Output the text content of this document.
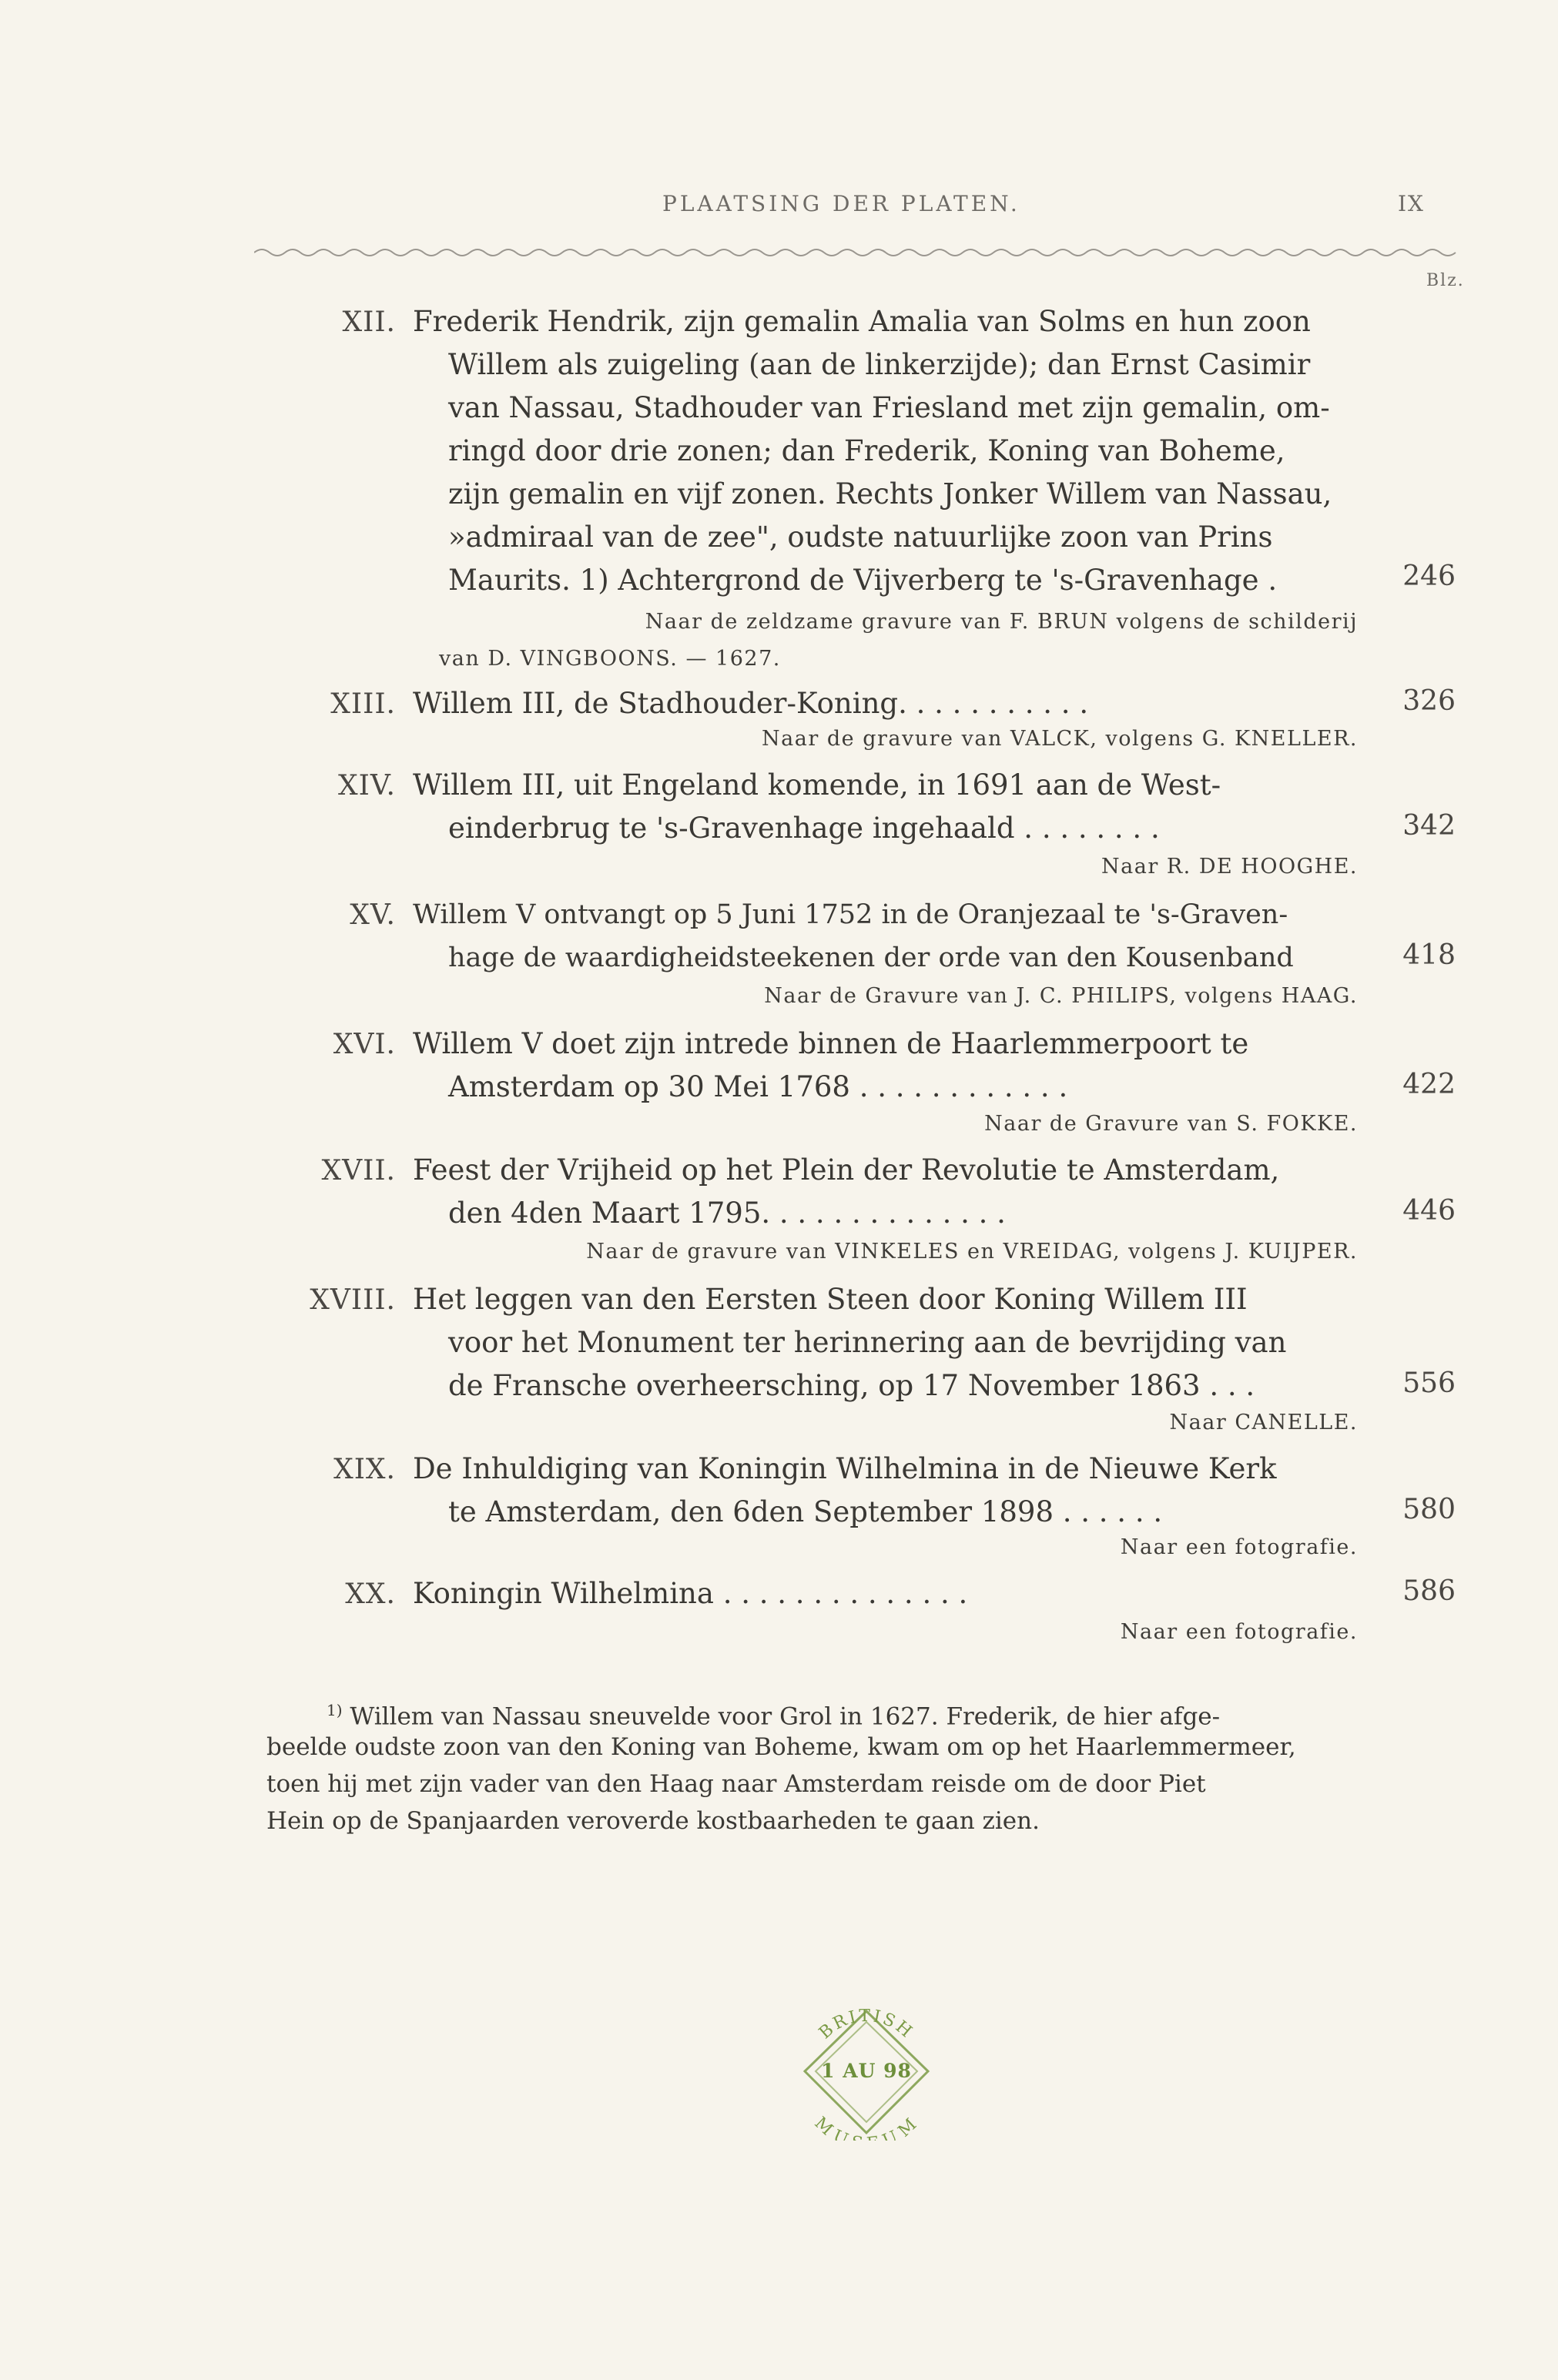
PLAATSING DER PLATEN.	IX
Blz.
XII. Frederik Hendrik, zijn gemalin Amalia van Solms en hun zoon
Willem als zuigeling (aan de linkerzijde); dan Ernst Casimir
van Nassau, Stadhouder van Friesland met zijn gemalin, om-
ringd door drie zonen; dan Frederik, Koning van Boheme,
zijn gemalin en vijf zonen. Rechts Jonker Willem van Nassau,
»admiraal van de zee", oudste natuurlijke zoon van Prins
Maurits. 1) Achtergrond de Vijverberg te 's-Gravenhage .	246
Naar de zeldzame gravure van F. BRUN volgens de schilderij
van D. VINGBOONS. — 1627.
XIII. Willem III, de Stadhouder-Koning. . . . . . . . . . .	326
Naar de gravure van VALCK, volgens G. KNELLER.
XIV. Willem III, uit Engeland komende, in 1691 aan de West-
einderbrug te 's-Gravenhage ingehaald . . . . . . . .	342
Naar R. DE HOOGHE.
XV. Willem V ontvangt op 5 Juni 1752 in de Oranjezaal te 's-Graven-
hage de waardigheidsteekenen der orde van den Kousenband	418
Naar de Gravure van J. C. PHILIPS, volgens HAAG.
XVI. Willem V doet zijn intrede binnen de Haarlemmerpoort te
Amsterdam op 30 Mei 1768 . . . . . . . . . . . .	422
Naar de Gravure van S. FOKKE.
XVII. Feest der Vrijheid op het Plein der Revolutie te Amsterdam,
den 4den Maart 1795. . . . . . . . . . . . . .	446
Naar de gravure van VINKELES en VREIDAG, volgens J. KUIJPER.
XVIII. Het leggen van den Eersten Steen door Koning Willem III
voor het Monument ter herinnering aan de bevrijding van
de Fransche overheersching, op 17 November 1863 . . .	556
Naar CANELLE.
XIX. De Inhuldiging van Koningin Wilhelmina in de Nieuwe Kerk
te Amsterdam, den 6den September 1898 . . . . . .	580
Naar een fotografie.
XX. Koningin Wilhelmina . . . . . . . . . . . . . .	586
Naar een fotografie.
$^{1)}$ Willem van Nassau sneuvelde voor Grol in 1627. Frederik, de hier afge-
beelde oudste zoon van den Koning van Boheme, kwam om op het Haarlemmermeer,
toen hij met zijn vader van den Haag naar Amsterdam reisde om de door Piet
Hein op de Spanjaarden veroverde kostbaarheden te gaan zien.
BRITISH
MU UM
1 AU 98
